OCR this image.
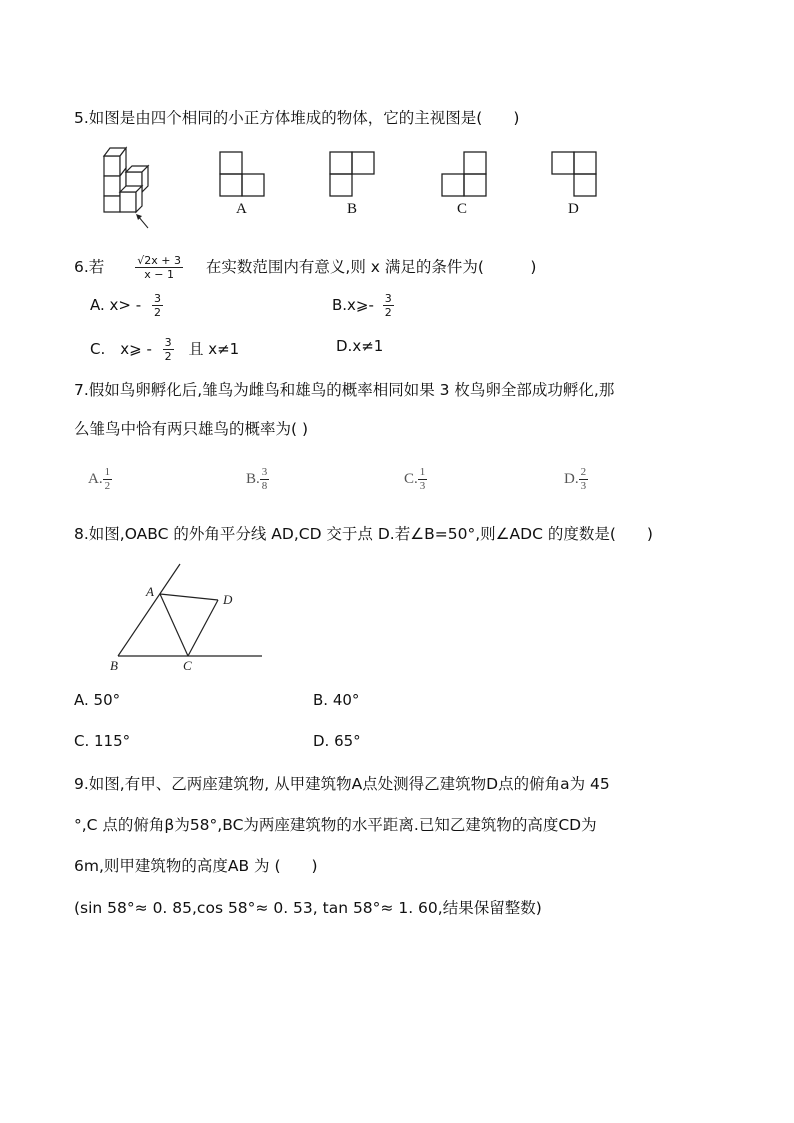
5.如图是由四个相同的小正方体堆成的物体，它的主视图是(　　)
A	B	C	D
6.若	$\frac{√2x + 3}{x - 1}$ 在实数范围内有意义,则 x 满足的条件为(　　　)
A. $x> - \frac{3}{2}$	B.x⩾- $\frac{3}{2}$
C.　x⩾ - $\frac{3}{2}$ 且 x≠1	D.x≠1
7.假如鸟卵孵化后,雏鸟为雌鸟和雄鸟的概率相同如果 3 枚鸟卵全部成功孵化,那
么雏鸟中恰有两只雄鸟的概率为( )
A. $\frac{1}{2}$	B. $\frac{3}{8}$	C. $\frac{1}{3}$	D. $\frac{2}{3}$
8.如图,OABC 的外角平分线 AD,CD 交于点 D.若∠B=50°,则∠ADC 的度数是(　　)
A
B	C
D
A. 50°	B. 40°
C. 115°	D. 65°
9.如图,有甲、乙两座建筑物, 从甲建筑物A点处测得乙建筑物D点的俯角a为 45
°,C 点的俯角β为58°,BC为两座建筑物的水平距离.已知乙建筑物的高度CD为
6m,则甲建筑物的高度AB 为 (　　)
(sin 58°≈ 0. 85,cos 58°≈ 0. 53, tan 58°≈ 1. 60,结果保留整数)
